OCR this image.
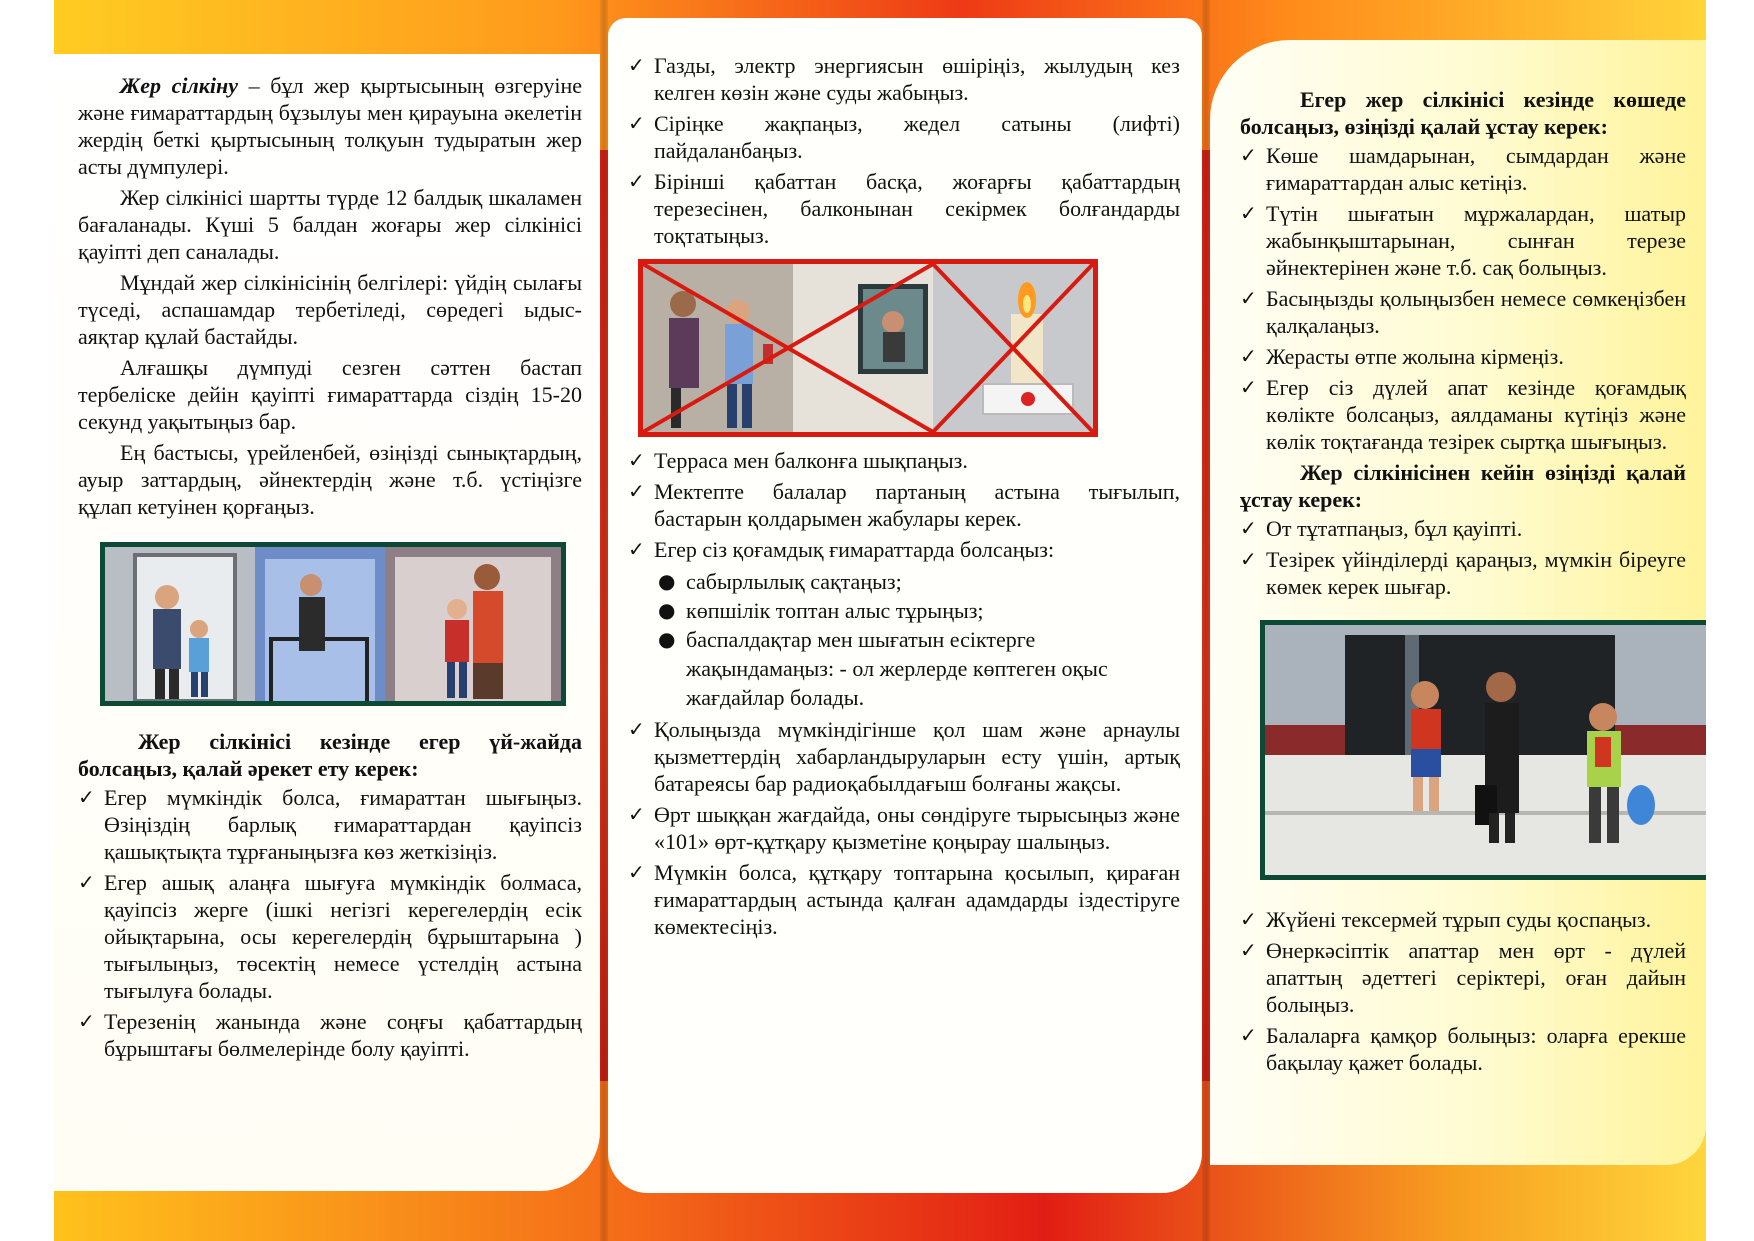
Жер сілкіну – бұл жер қыртысының өзгеруіне және ғимараттардың бұзылуы мен қирауына әкелетін жердің беткі қыртысының толқуын тудыратын жер асты дүмпулері.

Жер сілкінісі шартты түрде 12 балдық шкаламен бағаланады. Күші 5 балдан жоғары жер сілкінісі қауіпті деп саналады.

Мұндай жер сілкінісінің белгілері: үйдің сылағы түседі, аспашамдар тербетіледі, сөредегі ыдыс-аяқтар құлай бастайды.

Алғашқы дүмпуді сезген сәттен бастап тербеліске дейін қауіпті ғимараттарда сіздің 15-20 секунд уақытыңыз бар.

Ең бастысы, үрейленбей, өзіңізді сынықтардың, ауыр заттардың, әйнектердің және т.б. үстіңізге құлап кетуінен қорғаңыз.

Жер сілкінісі кезінде егер үй-жайда болсаңыз, қалай әрекет ету керек:

✓ Егер мүмкіндік болса, ғимараттан шығыңыз. Өзіңіздің барлық ғимараттардан қауіпсіз қашықтықта тұрғаныңызға көз жеткізіңіз.
✓ Егер ашық алаңға шығуға мүмкіндік болмаса, қауіпсіз жерге (ішкі негізгі керегелердің есік ойықтарына, осы керегелердің бұрыштарына ) тығылыңыз, төсектің немесе үстелдің астына тығылуға болады.
✓ Терезенің жанында және соңғы қабаттардың бұрыштағы бөлмелерінде болу қауіпті.
✓ Газды, электр энергиясын өшіріңіз, жылудың кез келген көзін және суды жабыңыз.
✓ Сіріңке жақпаңыз, жедел сатыны (лифті) пайдаланбаңыз.
✓ Бірінші қабаттан басқа, жоғарғы қабаттардың терезесінен, балконынан секірмек болғандарды тоқтатыңыз.
✓ Терраса мен балконға шықпаңыз.
✓ Мектепте балалар партаның астына тығылып, бастарын қолдарымен жабулары керек.
✓ Егер сіз қоғамдық ғимараттарда болсаңыз:
● сабырлылық сақтаңыз;
● көпшілік топтан алыс тұрыңыз;
● баспалдақтар мен шығатын есіктерге жақындамаңыз: - ол жерлерде көптеген оқыс жағдайлар болады.
✓ Қолыңызда мүмкіндігінше қол шам және арнаулы қызметтердің хабарландыруларын есту үшін, артық батареясы бар радиоқабылдағыш болғаны жақсы.
✓ Өрт шыққан жағдайда, оны сөндіруге тырысыңыз және «101» өрт-құтқару қызметіне қоңырау шалыңыз.
✓ Мүмкін болса, құтқару топтарына қосылып, қираған ғимараттардың астында қалған адамдарды іздестіруге көмектесіңіз.

Егер жер сілкінісі кезінде көшеде болсаңыз, өзіңізді қалай ұстау керек:

✓ Көше шамдарынан, сымдардан және ғимараттардан алыс кетіңіз.
✓ Түтін шығатын мұржалардан, шатыр жабынқыштарынан, сынған терезе әйнектерінен және т.б. сақ болыңыз.
✓ Басыңызды қолыңызбен немесе сөмкеңізбен қалқалаңыз.
✓ Жерасты өтпе жолына кірмеңіз.
✓ Егер сіз дүлей апат кезінде қоғамдық көлікте болсаңыз, аялдаманы күтіңіз және көлік тоқтағанда тезірек сыртқа шығыңыз.

Жер сілкінісінен кейін өзіңізді қалай ұстау керек:

✓ От тұтатпаңыз, бұл қауіпті.
✓ Тезірек үйінділерді қараңыз, мүмкін біреуге көмек керек шығар.
✓ Жүйені тексермей тұрып суды қоспаңыз.
✓ Өнеркәсіптік апаттар мен өрт - дүлей апаттың әдеттегі серіктері, оған дайын болыңыз.
✓ Балаларға қамқор болыңыз: оларға ерекше бақылау қажет болады.
